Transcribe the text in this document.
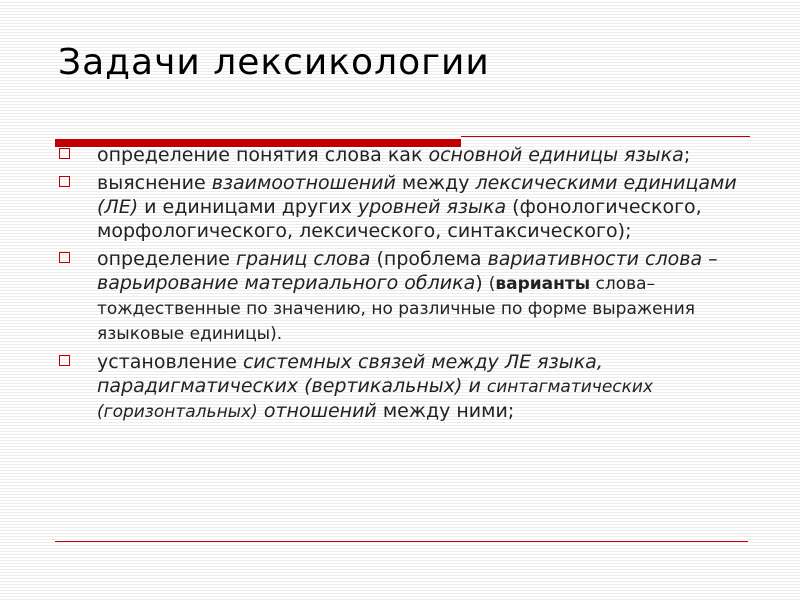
Задачи лексикологии
определение понятия слова как основной единицы языка;
выяснение взаимоотношений между лексическими единицами (ЛЕ) и единицами других уровней языка (фонологического, морфологического, лексического, синтаксического);
определение границ слова (проблема вариативности слова – варьирование материального облика) (варианты слова– тождественные по значению, но различные по форме выражения языковые единицы).
установление системных связей между ЛЕ языка, парадигматических (вертикальных) и синтагматических (горизонтальных) отношений между ними;
